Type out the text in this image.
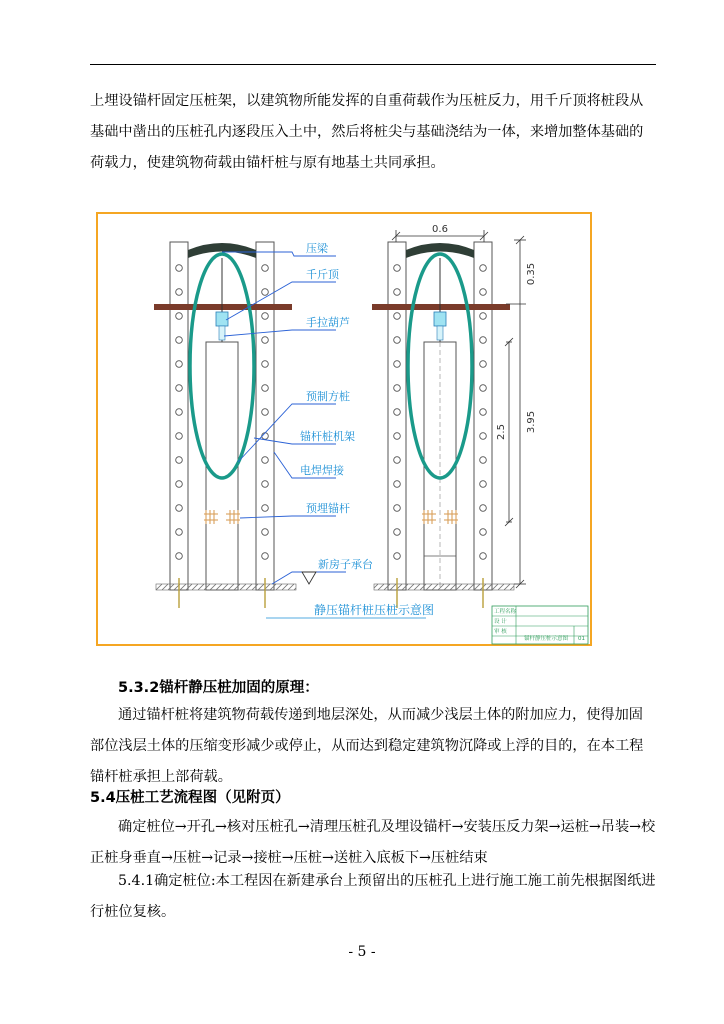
上埋设锚杆固定压桩架，以建筑物所能发挥的自重荷载作为压桩反力，用千斤顶将桩段从基础中凿出的压桩孔内逐段压入土中，然后将桩尖与基础浇结为一体，来增加整体基础的荷载力，使建筑物荷载由锚杆桩与原有地基土共同承担。

0.6
0.35
2.5 3.95
压梁
千斤顶
手拉葫芦
预制方桩
锚杆桩机架
电焊焊接
预埋锚杆
新房子承台
静压锚杆桩压桩示意图	工程名称
设 计
审 核
锚杆静压桩示意图 01

5.3.2锚杆静压桩加固的原理：

通过锚杆桩将建筑物荷载传递到地层深处，从而减少浅层土体的附加应力，使得加固部位浅层土体的压缩变形减少或停止，从而达到稳定建筑物沉降或上浮的目的，在本工程锚杆桩承担上部荷载。

5.4压桩工艺流程图（见附页）

确定桩位→开孔→核对压桩孔→清理压桩孔及埋设锚杆→安装压反力架→运桩→吊装→校正桩身垂直→压桩→记录→接桩→压桩→送桩入底板下→压桩结束

5.4.1确定桩位:本工程因在新建承台上预留出的压桩孔上进行施工施工前先根据图纸进行桩位复核。

- 5 -
